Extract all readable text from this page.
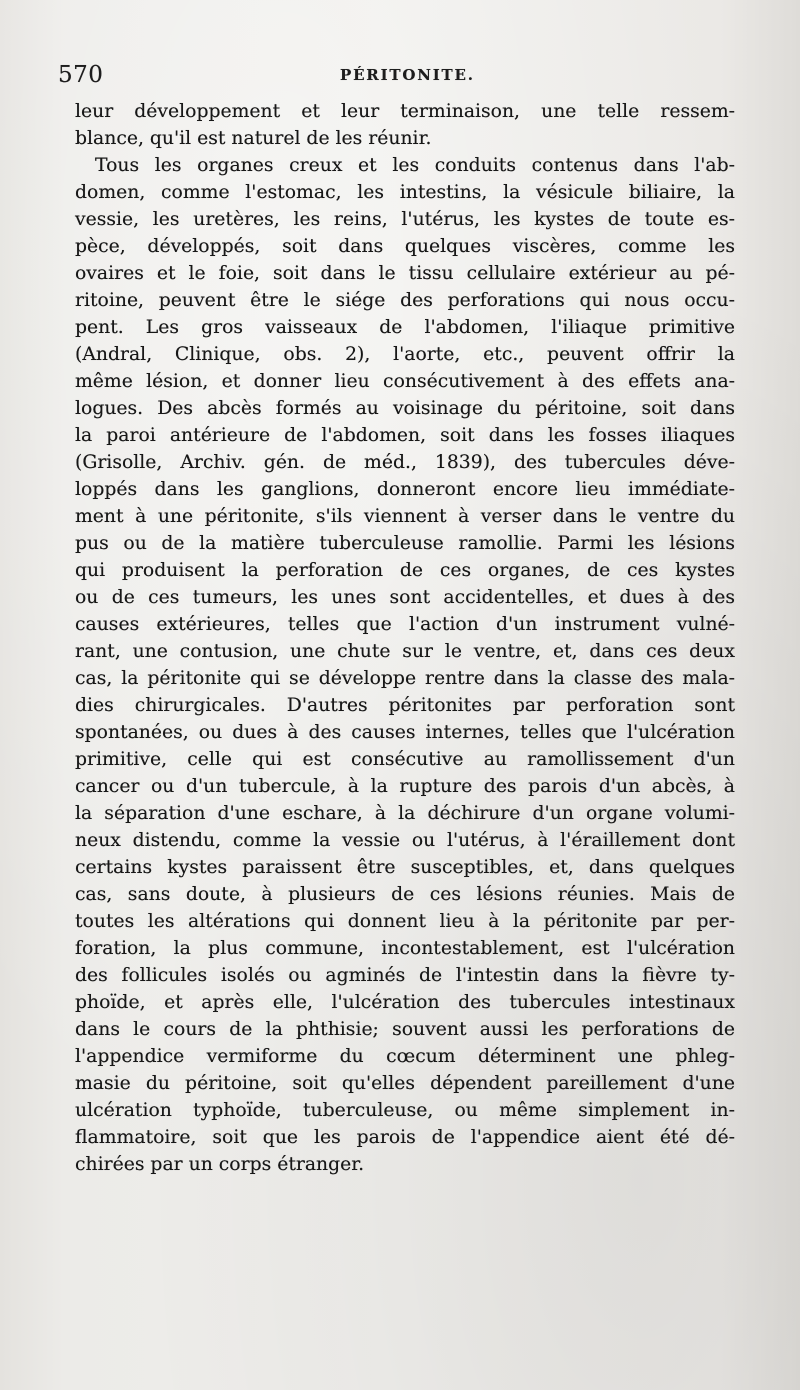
570	PÉRITONITE.
leur développement et leur terminaison, une telle ressem-
blance, qu'il est naturel de les réunir.
Tous les organes creux et les conduits contenus dans l'ab-
domen, comme l'estomac, les intestins, la vésicule biliaire, la
vessie, les uretères, les reins, l'utérus, les kystes de toute es-
pèce, développés, soit dans quelques viscères, comme les
ovaires et le foie, soit dans le tissu cellulaire extérieur au pé-
ritoine, peuvent être le siége des perforations qui nous occu-
pent. Les gros vaisseaux de l'abdomen, l'iliaque primitive
(Andral, Clinique, obs. 2), l'aorte, etc., peuvent offrir la
même lésion, et donner lieu consécutivement à des effets ana-
logues. Des abcès formés au voisinage du péritoine, soit dans
la paroi antérieure de l'abdomen, soit dans les fosses iliaques
(Grisolle, Archiv. gén. de méd., 1839), des tubercules déve-
loppés dans les ganglions, donneront encore lieu immédiate-
ment à une péritonite, s'ils viennent à verser dans le ventre du
pus ou de la matière tuberculeuse ramollie. Parmi les lésions
qui produisent la perforation de ces organes, de ces kystes
ou de ces tumeurs, les unes sont accidentelles, et dues à des
causes extérieures, telles que l'action d'un instrument vulné-
rant, une contusion, une chute sur le ventre, et, dans ces deux
cas, la péritonite qui se développe rentre dans la classe des mala-
dies chirurgicales. D'autres péritonites par perforation sont
spontanées, ou dues à des causes internes, telles que l'ulcération
primitive, celle qui est consécutive au ramollissement d'un
cancer ou d'un tubercule, à la rupture des parois d'un abcès, à
la séparation d'une eschare, à la déchirure d'un organe volumi-
neux distendu, comme la vessie ou l'utérus, à l'éraillement dont
certains kystes paraissent être susceptibles, et, dans quelques
cas, sans doute, à plusieurs de ces lésions réunies. Mais de
toutes les altérations qui donnent lieu à la péritonite par per-
foration, la plus commune, incontestablement, est l'ulcération
des follicules isolés ou agminés de l'intestin dans la fièvre ty-
phoïde, et après elle, l'ulcération des tubercules intestinaux
dans le cours de la phthisie; souvent aussi les perforations de
l'appendice vermiforme du cœcum déterminent une phleg-
masie du péritoine, soit qu'elles dépendent pareillement d'une
ulcération typhoïde, tuberculeuse, ou même simplement in-
flammatoire, soit que les parois de l'appendice aient été dé-
chirées par un corps étranger.
